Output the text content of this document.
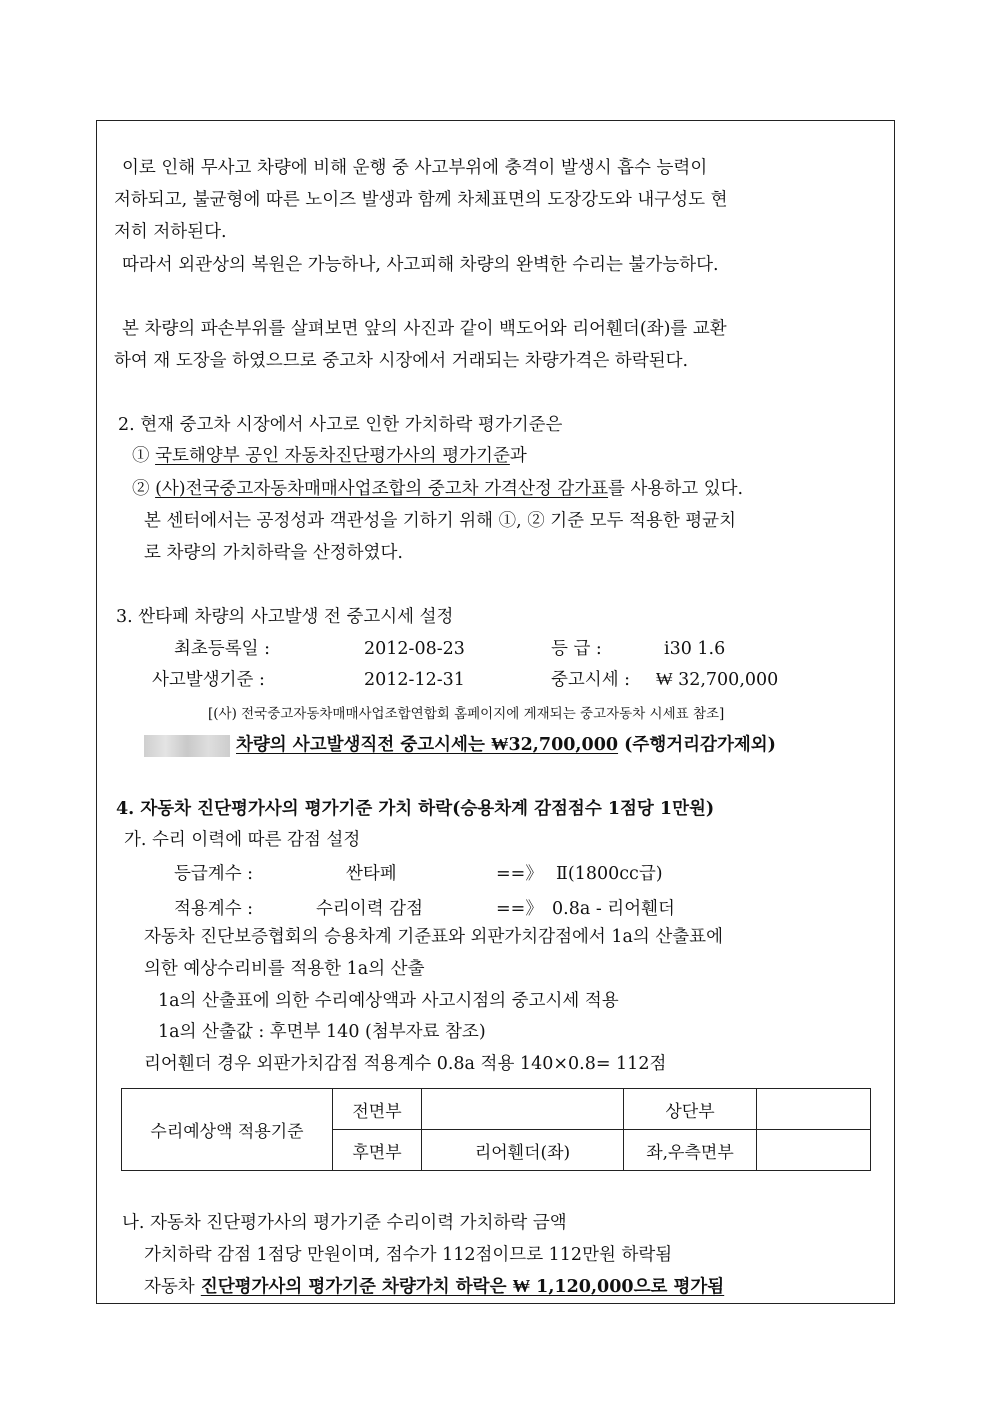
이로 인해 무사고 차량에 비해 운행 중 사고부위에 충격이 발생시 흡수 능력이
저하되고, 불균형에 따른 노이즈 발생과 함께 차체표면의 도장강도와 내구성도 현
저히 저하된다.
따라서 외관상의 복원은 가능하나, 사고피해 차량의 완벽한 수리는 불가능하다.
본 차량의 파손부위를 살펴보면 앞의 사진과 같이 백도어와 리어휀더(좌)를 교환
하여 재 도장을 하였으므로 중고차 시장에서 거래되는 차량가격은 하락된다.
2. 현재 중고차 시장에서 사고로 인한 가치하락 평가기준은
① 국토해양부 공인 자동차진단평가사의 평가기준과
② (사)전국중고자동차매매사업조합의 중고차 가격산정 감가표를 사용하고 있다.
본 센터에서는 공정성과 객관성을 기하기 위해 ①, ② 기준 모두 적용한 평균치
로 차량의 가치하락을 산정하였다.
3. 싼타페 차량의 사고발생 전 중고시세 설정
최초등록일 :	2012-08-23	등 급 :	i30 1.6
사고발생기준 :	2012-12-31	중고시세 : ₩ 32,700,000
[(사) 전국중고자동차매매사업조합연합회 홈페이지에 게재되는 중고자동차 시세표 참조]
차량의 사고발생직전 중고시세는 ₩32,700,000 (주행거리감가제외)
4. 자동차 진단평가사의 평가기준 가치 하락(승용차계 감점점수 1점당 1만원)
가. 수리 이력에 따른 감점 설정
등급계수 :	싼타페	==》 Ⅱ(1800cc급)
적용계수 :	수리이력 감점	==》 0.8a - 리어휀더
자동차 진단보증협회의 승용차계 기준표와 외판가치감점에서 1a의 산출표에
의한 예상수리비를 적용한 1a의 산출
1a의 산출표에 의한 수리예상액과 사고시점의 중고시세 적용
1a의 산출값 : 후면부 140 (첨부자료 참조)
리어휀더 경우 외판가치감점 적용계수 0.8a 적용 140×0.8= 112점
수리예상액 적용기준	전면부		상단부	
	후면부	리어휀더(좌)	좌,우측면부	
나. 자동차 진단평가사의 평가기준 수리이력 가치하락 금액
가치하락 감점 1점당 만원이며, 점수가 112점이므로 112만원 하락됨
자동차 진단평가사의 평가기준 차량가치 하락은 ₩ 1,120,000으로 평가됨
